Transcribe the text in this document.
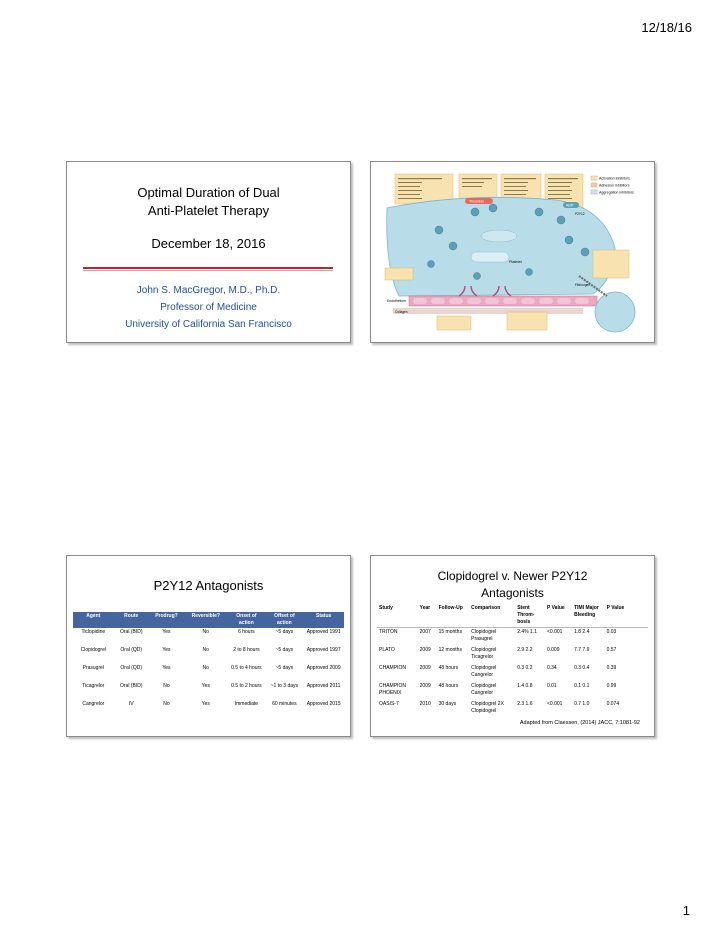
12/18/16
Optimal Duration of Dual
Anti-Platelet Therapy
December 18, 2016
John S. MacGregor, M.D., Ph.D.
Professor of Medicine
University of California San Francisco
Activation inhibitors
Adhesion inhibitors
Aggregation inhibitors
Platelet
Thrombin
ADP
P2Y12
Endothelium
Collagen
Fibrinogen
P2Y12 Antagonists
Agent	Route	Prodrug?	Reversible?	Onset of action	Offset of action	Status
Ticlopidine	Oral (BID)	Yes	No	6 hours	~5 days	Approved 1991
Clopidogrel	Oral (QD)	Yes	No	2 to 8 hours	~5 days	Approved 1997
Prasugrel	Oral (QD)	Yes	No	0.5 to 4 hours	~5 days	Approved 2009
Ticagrelor	Oral (BID)	No	Yes	0.5 to 2 hours	~1 to 3 days	Approved 2011
Cangrelor	IV	No	Yes	Immediate	60 minutes	Approved 2015
Clopidogrel v. Newer P2Y12
Antagonists
Study	Year	Follow-Up	Comparison	Stent Throm-bosis	P Value	TIMI Major Bleeding	P Value
TRITON	2007	15 months	Clopidogrel Prasugrel	2.4% 1.1	<0.001	1.8 2.4	0.03
PLATO	2009	12 months	Clopidogrel Ticagrelor	2.9 2.2	0.009	7.7 7.9	0.57
CHAMPION	2009	48 hours	Clopidogrel Cangrelor	0.3 0.2	0.34	0.3 0.4	0.39
CHAMPION PHOENIX	2009	48 hours	Clopidogrel Cangrelor	1.4 0.8	0.01	0.1 0.1	0.99
OASIS-7	2010	30 days	Clopidogrel 2X Clopidogrel	2.3 1.6	<0.001	0.7 1.0	0.074
Adapted from Claessen, (2014) JACC, 7:1081-92
1
